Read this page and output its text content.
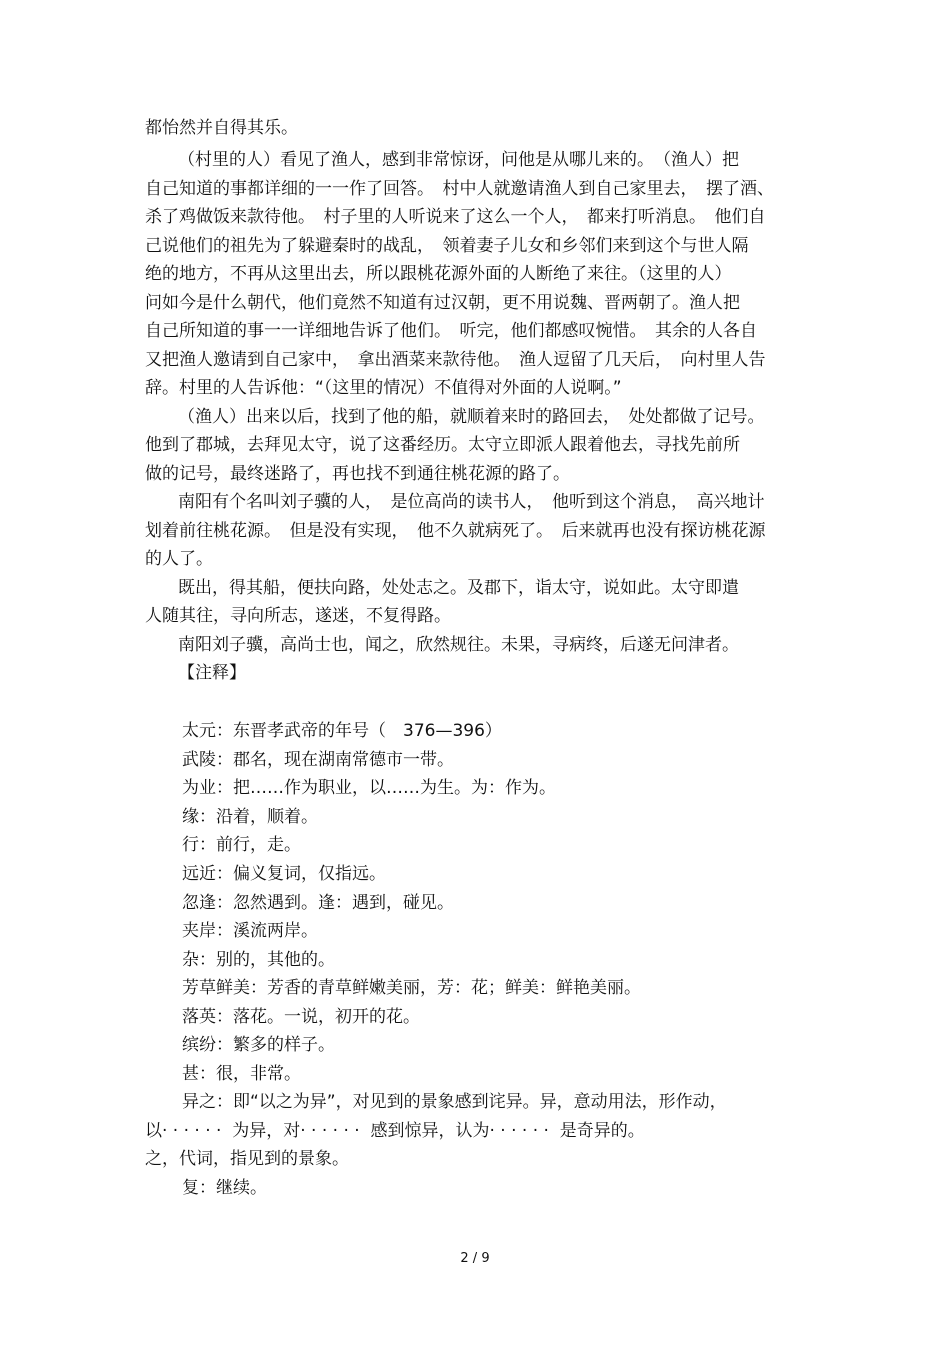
都怡然并自得其乐。
（村里的人）看见了渔人，感到非常惊讶，问他是从哪儿来的。　（渔人）把
自己知道的事都详细的一一作了回答。　村中人就邀请渔人到自己家里去，　摆了酒、
杀了鸡做饭来款待他。　村子里的人听说来了这么一个人，　都来打听消息。　他们自
己说他们的祖先为了躲避秦时的战乱，　领着妻子儿女和乡邻们来到这个与世人隔
绝的地方，不再从这里出去，所以跟桃花源外面的人断绝了来往。（这里的人）
问如今是什么朝代，他们竟然不知道有过汉朝，更不用说魏、晋两朝了。渔人把
自己所知道的事一一详细地告诉了他们。　听完，他们都感叹惋惜。　其余的人各自
又把渔人邀请到自己家中，　拿出酒菜来款待他。　渔人逗留了几天后，　向村里人告
辞。村里的人告诉他：“（这里的情况）不值得对外面的人说啊。”
（渔人）出来以后，找到了他的船，就顺着来时的路回去，　处处都做了记号。
他到了郡城，去拜见太守，说了这番经历。太守立即派人跟着他去，寻找先前所
做的记号，最终迷路了，再也找不到通往桃花源的路了。
南阳有个名叫刘子骥的人，　是位高尚的读书人，　他听到这个消息，　高兴地计
划着前往桃花源。　但是没有实现，　他不久就病死了。　后来就再也没有探访桃花源
的人了。
既出，得其船，便扶向路，处处志之。及郡下，诣太守，说如此。太守即遣
人随其往，寻向所志，遂迷，不复得路。
南阳刘子骥，高尚士也，闻之，欣然规往。未果，寻病终，后遂无问津者。
【注释】
太元：东晋孝武帝的年号（　376—396）
武陵：郡名，现在湖南常德市一带。
为业：把……作为职业，以……为生。为：作为。
缘：沿着，顺着。
行：前行，走。
远近：偏义复词，仅指远。
忽逢：忽然遇到。逢：遇到，碰见。
夹岸：溪流两岸。
杂：别的，其他的。
芳草鲜美：芳香的青草鲜嫩美丽，芳：花；鲜美：鲜艳美丽。
落英：落花。一说，初开的花。
缤纷：繁多的样子。
甚：很，非常。
异之：即“以之为异”，对见到的景象感到诧异。异，意动用法，形作动，
以· · · · · ·  为异，对· · · · · ·  感到惊异，认为· · · · · ·  是奇异的。
之，代词，指见到的景象。
复：继续。
2 / 9
